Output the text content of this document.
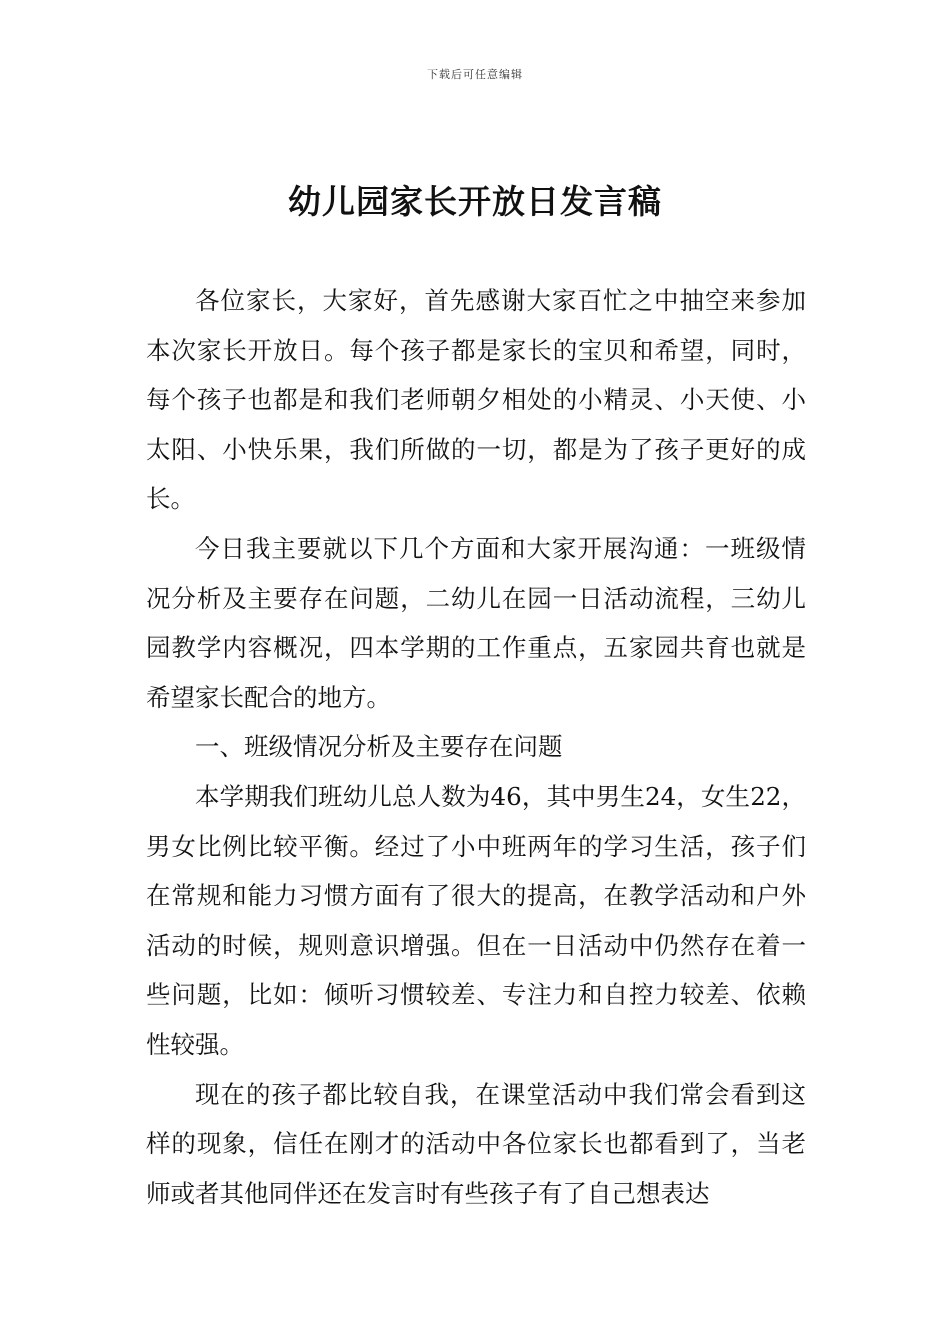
下载后可任意编辑
幼儿园家长开放日发言稿

各位家长，大家好，首先感谢大家百忙之中抽空来参加本次家长开放日。每个孩子都是家长的宝贝和希望，同时，每个孩子也都是和我们老师朝夕相处的小精灵、小天使、小太阳、小快乐果，我们所做的一切，都是为了孩子更好的成长。

今日我主要就以下几个方面和大家开展沟通：一班级情况分析及主要存在问题，二幼儿在园一日活动流程，三幼儿园教学内容概况，四本学期的工作重点，五家园共育也就是希望家长配合的地方。

一、班级情况分析及主要存在问题

本学期我们班幼儿总人数为46，其中男生24，女生22，男女比例比较平衡。经过了小中班两年的学习生活，孩子们在常规和能力习惯方面有了很大的提高，在教学活动和户外活动的时候，规则意识增强。但在一日活动中仍然存在着一些问题，比如：倾听习惯较差、专注力和自控力较差、依赖性较强。

现在的孩子都比较自我，在课堂活动中我们常会看到这样的现象，信任在刚才的活动中各位家长也都看到了，当老师或者其他同伴还在发言时有些孩子有了自己想表达
